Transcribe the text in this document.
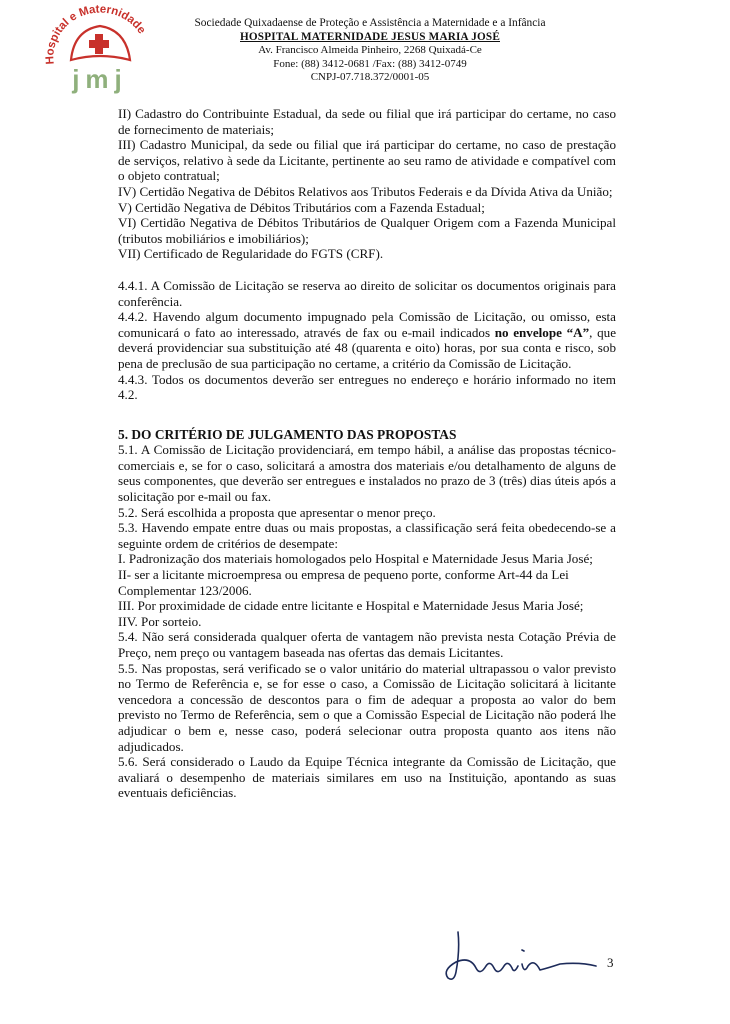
Hospital e Maternidade
jmj
Sociedade Quixadaense de Proteção e Assistência a Maternidade e a Infância
HOSPITAL MATERNIDADE JESUS MARIA JOSÉ
Av. Francisco Almeida Pinheiro, 2268 Quixadá-Ce
Fone: (88) 3412-0681 /Fax: (88) 3412-0749
CNPJ-07.718.372/0001-05

II) Cadastro do Contribuinte Estadual, da sede ou filial que irá participar do certame, no caso de fornecimento de materiais;

III) Cadastro Municipal, da sede ou filial que irá participar do certame, no caso de prestação de serviços, relativo à sede da Licitante, pertinente ao seu ramo de atividade e compatível com o objeto contratual;

IV) Certidão Negativa de Débitos Relativos aos Tributos Federais e da Dívida Ativa da União;

V) Certidão Negativa de Débitos Tributários com a Fazenda Estadual;

VI) Certidão Negativa de Débitos Tributários de Qualquer Origem com a Fazenda Municipal (tributos mobiliários e imobiliários);

VII) Certificado de Regularidade do FGTS (CRF).

4.4.1. A Comissão de Licitação se reserva ao direito de solicitar os documentos originais para conferência.

4.4.2. Havendo algum documento impugnado pela Comissão de Licitação, ou omisso, esta comunicará o fato ao interessado, através de fax ou e-mail indicados no envelope “A”, que deverá providenciar sua substituição até 48 (quarenta e oito) horas, por sua conta e risco, sob pena de preclusão de sua participação no certame, a critério da Comissão de Licitação.

4.4.3. Todos os documentos deverão ser entregues no endereço e horário informado no item 4.2.

5. DO CRITÉRIO DE JULGAMENTO DAS PROPOSTAS

5.1. A Comissão de Licitação providenciará, em tempo hábil, a análise das propostas técnico-comerciais e, se for o caso, solicitará a amostra dos materiais e/ou detalhamento de alguns de seus componentes, que deverão ser entregues e instalados no prazo de 3 (três) dias úteis após a solicitação por e-mail ou fax.

5.2. Será escolhida a proposta que apresentar o menor preço.

5.3. Havendo empate entre duas ou mais propostas, a classificação será feita obedecendo-se a seguinte ordem de critérios de desempate:

I. Padronização dos materiais homologados pelo Hospital e Maternidade Jesus Maria José;

II- ser a licitante microempresa ou empresa de pequeno porte, conforme Art-44 da Lei Complementar 123/2006.

III. Por proximidade de cidade entre licitante e Hospital e Maternidade Jesus Maria José;

IIV. Por sorteio.

5.4. Não será considerada qualquer oferta de vantagem não prevista nesta Cotação Prévia de Preço, nem preço ou vantagem baseada nas ofertas das demais Licitantes.

5.5. Nas propostas, será verificado se o valor unitário do material ultrapassou o valor previsto no Termo de Referência e, se for esse o caso, a Comissão de Licitação solicitará à licitante vencedora a concessão de descontos para o fim de adequar a proposta ao valor do bem previsto no Termo de Referência, sem o que a Comissão Especial de Licitação não poderá lhe adjudicar o bem e, nesse caso, poderá selecionar outra proposta quanto aos itens não adjudicados.

5.6. Será considerado o Laudo da Equipe Técnica integrante da Comissão de Licitação, que avaliará o desempenho de materiais similares em uso na Instituição, apontando as suas eventuais deficiências.

3
